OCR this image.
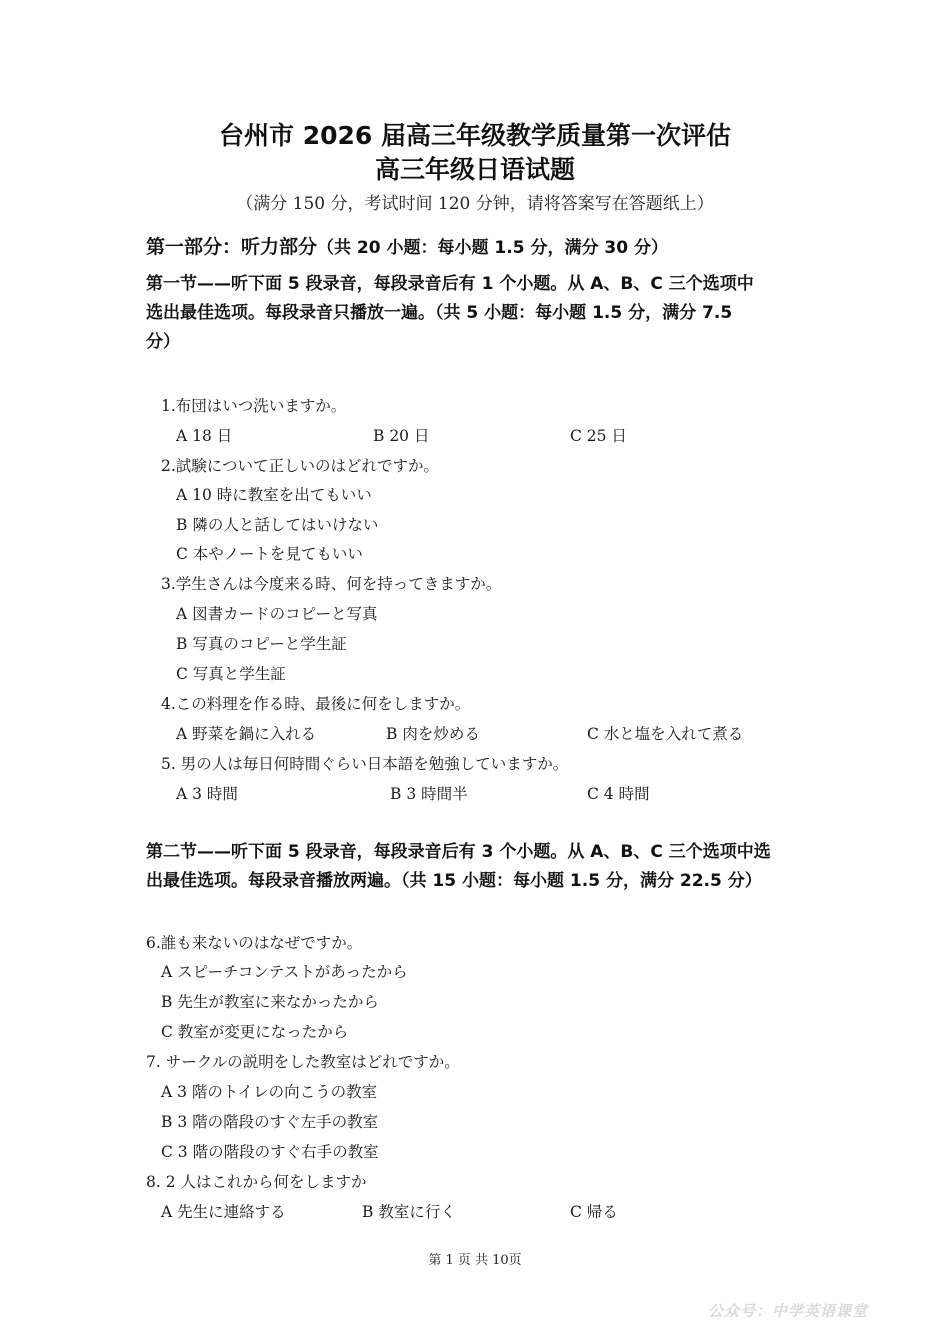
台州市 2026 届高三年级教学质量第一次评估
高三年级日语试题
（满分 150 分，考试时间 120 分钟，请将答案写在答题纸上）
第一部分：听力部分（共 20 小题：每小题 1.5 分，满分 30 分）
第一节——听下面 5 段录音，每段录音后有 1 个小题。从 A、B、C 三个选项中
选出最佳选项。每段录音只播放一遍。（共 5 小题：每小题 1.5 分，满分 7.5
分）
1.布団はいつ洗いますか。
A 18 日	B 20 日	C 25 日
2.試験について正しいのはどれですか。
A 10 時に教室を出てもいい
B 隣の人と話してはいけない
C 本やノートを見てもいい
3.学生さんは今度来る時、何を持ってきますか。
A 図書カードのコピーと写真
B 写真のコピーと学生証
C 写真と学生証
4.この料理を作る時、最後に何をしますか。
A 野菜を鍋に入れる	B 肉を炒める	C 水と塩を入れて煮る
5. 男の人は毎日何時間ぐらい日本語を勉強していますか。
A 3 時間	B 3 時間半	C 4 時間
第二节——听下面 5 段录音，每段录音后有 3 个小题。从 A、B、C 三个选项中选
出最佳选项。每段录音播放两遍。（共 15 小题：每小题 1.5 分，满分 22.5 分）
6.誰も来ないのはなぜですか。
A スピーチコンテストがあったから
B 先生が教室に来なかったから
C 教室が変更になったから
7. サークルの説明をした教室はどれですか。
A 3 階のトイレの向こうの教室
B 3 階の階段のすぐ左手の教室
C 3 階の階段のすぐ右手の教室
8. 2 人はこれから何をしますか
A 先生に連絡する	B 教室に行く	C 帰る
第 1 页 共 10页
公众号：中学英语课堂
